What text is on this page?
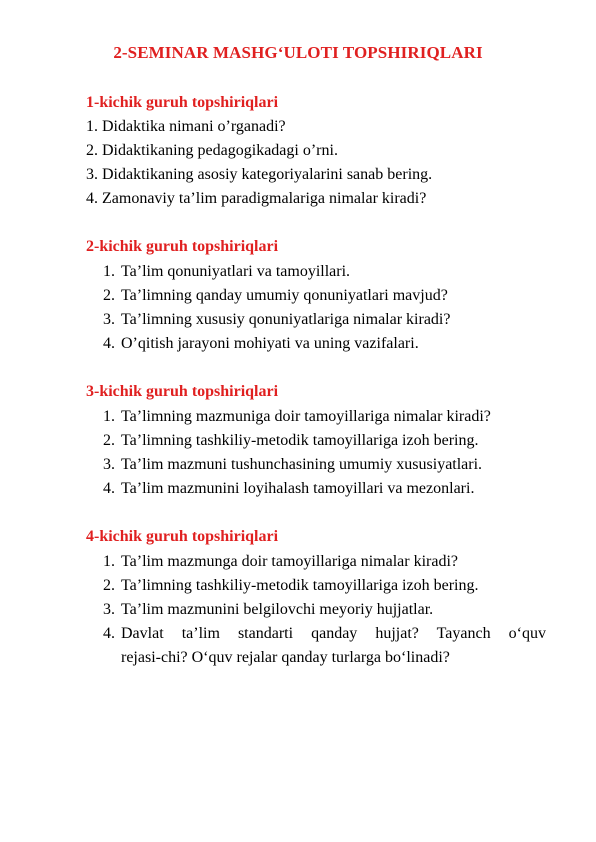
2-SEMINAR MASHG‘ULOTI TOPSHIRIQLARI
1-kichik guruh topshiriqlari
1. Didaktika nimani o’rganadi?
2. Didaktikaning pedagogikadagi o’rni.
3. Didaktikaning asosiy kategoriyalarini sanab bering.
4. Zamonaviy ta’lim paradigmalariga nimalar kiradi?
2-kichik guruh topshiriqlari
1. Ta’lim qonuniyatlari va tamoyillari.
2. Ta’limning qanday umumiy qonuniyatlari mavjud?
3. Ta’limning xususiy qonuniyatlariga nimalar kiradi?
4. O’qitish jarayoni mohiyati va uning vazifalari.
3-kichik guruh topshiriqlari
1. Ta’limning mazmuniga doir tamoyillariga nimalar kiradi?
2. Ta’limning tashkiliy-metodik tamoyillariga izoh bering.
3. Ta’lim mazmuni tushunchasining umumiy xususiyatlari.
4. Ta’lim mazmunini loyihalash tamoyillari va mezonlari.
4-kichik guruh topshiriqlari
1. Ta’lim mazmunga doir tamoyillariga nimalar kiradi?
2. Ta’limning tashkiliy-metodik tamoyillariga izoh bering.
3. Ta’lim mazmunini belgilovchi meyoriy hujjatlar.
4. Davlat ta’lim standarti qanday hujjat? Tayanch o‘quv
rejasi-chi? O‘quv rejalar qanday turlarga bo‘linadi?
